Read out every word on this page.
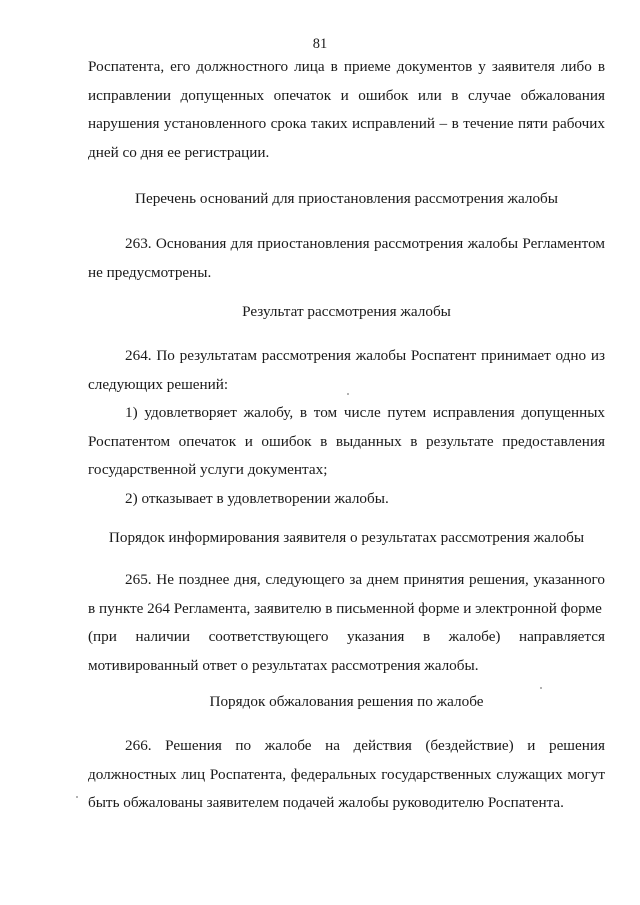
81

Роспатента, его должностного лица в приеме документов у заявителя либо в исправлении допущенных опечаток и ошибок или в случае обжалования нарушения установленного срока таких исправлений – в течение пяти рабочих дней со дня ее регистрации.

Перечень оснований для приостановления рассмотрения жалобы

263. Основания для приостановления рассмотрения жалобы Регламентом не предусмотрены.

Результат рассмотрения жалобы

264. По результатам рассмотрения жалобы Роспатент принимает одно из следующих решений:

1) удовлетворяет жалобу, в том числе путем исправления допущенных Роспатентом опечаток и ошибок в выданных в результате предоставления государственной услуги документах;

2) отказывает в удовлетворении жалобы.

Порядок информирования заявителя о результатах рассмотрения жалобы

265. Не позднее дня, следующего за днем принятия решения, указанного в пункте 264 Регламента, заявителю в письменной форме и электронной форме

(при наличии соответствующего указания в жалобе) направляется

мотивированный ответ о результатах рассмотрения жалобы.

Порядок обжалования решения по жалобе

266. Решения по жалобе на действия (бездействие) и решения должностных лиц Роспатента, федеральных государственных служащих могут быть обжалованы заявителем подачей жалобы руководителю Роспатента.
